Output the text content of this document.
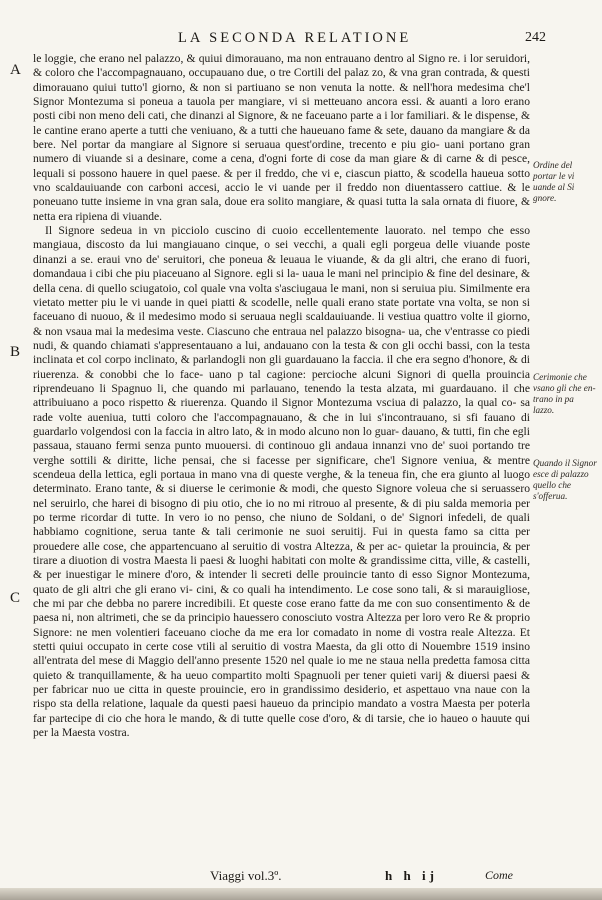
LA SECONDA RELATIONE	242
A
B
C
Ordine del portar le vi uande al Si gnore.
Cerimonie che vsano gli che en- trano in pa lazzo.
Quando il Signor esce di palazzo quello che s'offerua.

le loggie, che erano nel palazzo, & quiui dimorauano, ma non entrauano dentro al Signo re. i lor seruidori, & coloro che l'accompagnauano, occupauano due, o tre Cortili del palaz zo, & vna gran contrada, & questi dimorauano quiui tutto'l giorno, & non si partiuano se non venuta la notte. & nell'hora medesima che'l Signor Montezuma si poneua a tauola per mangiare, vi si metteuano ancora essi. & auanti a loro erano posti cibi non meno deli cati, che dinanzi al Signore, & ne faceuano parte a i lor familiari. & le dispense, & le cantine erano aperte a tutti che veniuano, & a tutti che haueuano fame & sete, dauano da mangiare & da bere. Nel portar da mangiare al Signore si seruaua quest'ordine, trecento e piu gio- uani portano gran numero di viuande si a desinare, come a cena, d'ogni forte di cose da man giare & di carne & di pesce, lequali si possono hauere in quel paese. & per il freddo, che vi e, ciascun piatto, & scodella haueua sotto vno scaldauiuande con carboni accesi, accio le vi uande per il freddo non diuentassero cattiue. & le poneuano tutte insieme in vna gran sala, doue era solito mangiare, & quasi tutta la sala ornata di fiuore, & netta era ripiena di viuande.

Il Signore sedeua in vn picciolo cuscino di cuoio eccellentemente lauorato. nel tempo che esso mangiaua, discosto da lui mangiauano cinque, o sei vecchi, a quali egli porgeua delle viuande poste dinanzi a se. eraui vno de' seruitori, che poneua & leuaua le viuande, & da gli altri, che erano di fuori, domandaua i cibi che piu piaceuano al Signore. egli si la- uaua le mani nel principio & fine del desinare, & della cena. di quello sciugatoio, col quale vna volta s'asciugaua le mani, non si seruiua piu. Similmente era vietato metter piu le vi uande in quei piatti & scodelle, nelle quali erano state portate vna volta, se non si faceuano di nuouo, & il medesimo modo si seruaua negli scaldauiuande. li vestiua quattro volte il giorno, & non vsaua mai la medesima veste. Ciascuno che entraua nel palazzo bisogna- ua, che v'entrasse co piedi nudi, & quando chiamati s'appresentauano a lui, andauano con la testa & con gli occhi bassi, con la testa inclinata et col corpo inclinato, & parlandogli non gli guardauano la faccia. il che era segno d'honore, & di riuerenza. & conobbi che lo face- uano p tal cagione: percioche alcuni Signori di quella prouincia riprendeuano li Spagnuo li, che quando mi parlauano, tenendo la testa alzata, mi guardauano. il che attribuiuano a poco rispetto & riuerenza. Quando il Signor Montezuma vsciua di palazzo, la qual co- sa rade volte aueniua, tutti coloro che l'accompagnauano, & che in lui s'incontrauano, si sfi fauano di guardarlo volgendosi con la faccia in altro lato, & in modo alcuno non lo guar- dauano, & tutti, fin che egli passaua, stauano fermi senza punto muouersi. di continouo gli andaua innanzi vno de' suoi portando tre verghe sottili & diritte, liche pensai, che si facesse per significare, che'l Signore veniua, & mentre scendeua della lettica, egli portaua in mano vna di queste verghe, & la teneua fin, che era giunto al luogo determinato. Erano tante, & si diuerse le cerimonie & modi, che questo Signore voleua che si seruassero nel seruirlo, che harei di bisogno di piu otio, che io no mi ritrouo al presente, & di piu salda memoria per po terme ricordar di tutte. In vero io no penso, che niuno de Soldani, o de' Signori infedeli, de quali habbiamo cognitione, serua tante & tali cerimonie ne suoi seruitij. Fui in questa famo sa citta per prouedere alle cose, che appartencuano al seruitio di vostra Altezza, & per ac- quietar la prouincia, & per tirare a diuotion di vostra Maesta li paesi & luoghi habitati con molte & grandissime citta, ville, & castelli, & per inuestigar le minere d'oro, & intender li secreti delle prouincie tanto di esso Signor Montezuma, quato de gli altri che gli erano vi- cini, & co quali ha intendimento. Le cose sono tali, & si marauigliose, che mi par che debba no parere incredibili. Et queste cose erano fatte da me con suo consentimento & de paesa ni, non altrimeti, che se da principio hauessero conosciuto vostra Altezza per loro vero Re & proprio Signore: ne men volentieri faceuano cioche da me era lor comadato in nome di vostra reale Altezza. Et stetti quiui occupato in certe cose vtili al seruitio di vostra Maesta, da gli otto di Nouembre 1519 insino all'entrata del mese di Maggio dell'anno presente 1520 nel quale io me ne staua nella predetta famosa citta quieto & tranquillamente, & ha ueuo compartito molti Spagnuoli per tener quieti varij & diuersi paesi & per fabricar nuo ue citta in queste prouincie, ero in grandissimo desiderio, et aspettauo vna naue con la rispo sta della relatione, laquale da questi paesi haueuo da principio mandato a vostra Maesta per poterla far partecipe di cio che hora le mando, & di tutte quelle cose d'oro, & di tarsie, che io haueo o hauute qui per la Maesta vostra.

Viaggi vol.3º.	h h ij	Come
